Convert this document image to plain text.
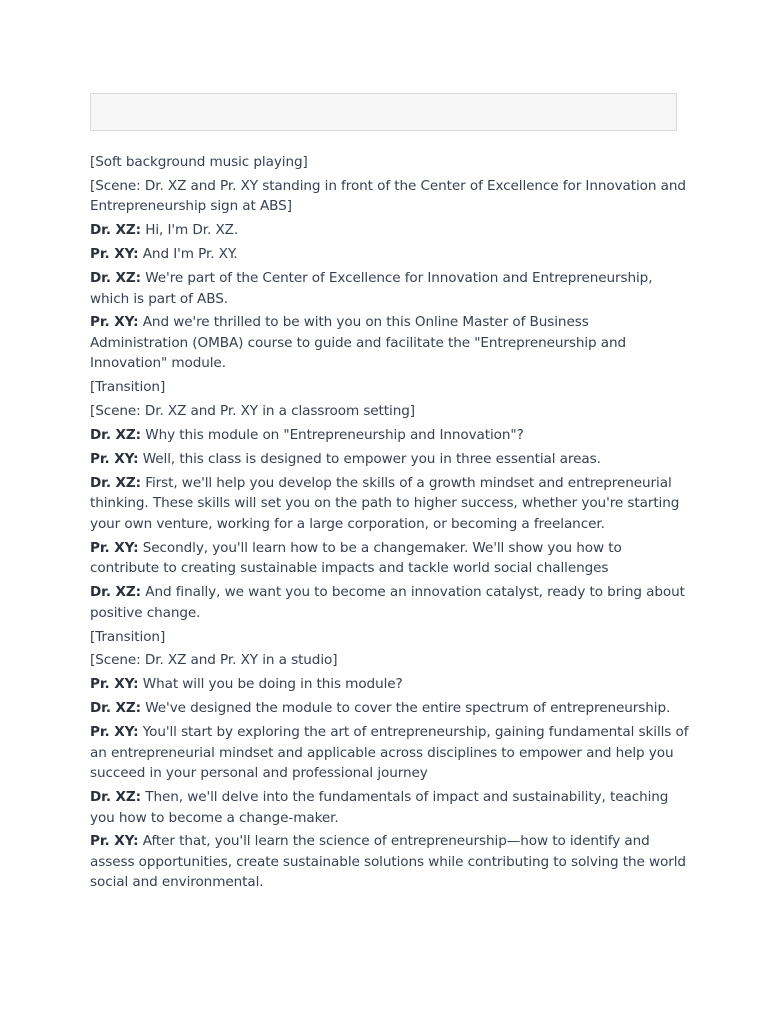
[Soft background music playing]

[Scene: Dr. XZ and Pr. XY standing in front of the Center of Excellence for Innovation and Entrepreneurship sign at ABS]

Dr. XZ: Hi, I'm Dr. XZ.

Pr. XY: And I'm Pr. XY.

Dr. XZ: We're part of the Center of Excellence for Innovation and Entrepreneurship, which is part of ABS.

Pr. XY: And we're thrilled to be with you on this Online Master of Business Administration (OMBA) course to guide and facilitate the "Entrepreneurship and Innovation" module.

[Transition]

[Scene: Dr. XZ and Pr. XY in a classroom setting]

Dr. XZ: Why this module on "Entrepreneurship and Innovation"?

Pr. XY: Well, this class is designed to empower you in three essential areas.

Dr. XZ: First, we'll help you develop the skills of a growth mindset and entrepreneurial thinking. These skills will set you on the path to higher success, whether you're starting your own venture, working for a large corporation, or becoming a freelancer.

Pr. XY: Secondly, you'll learn how to be a changemaker. We'll show you how to contribute to creating sustainable impacts and tackle world social challenges

Dr. XZ: And finally, we want you to become an innovation catalyst, ready to bring about positive change.

[Transition]

[Scene: Dr. XZ and Pr. XY in a studio]

Pr. XY: What will you be doing in this module?

Dr. XZ: We've designed the module to cover the entire spectrum of entrepreneurship.

Pr. XY: You'll start by exploring the art of entrepreneurship, gaining fundamental skills of an entrepreneurial mindset and applicable across disciplines to empower and help you succeed in your personal and professional journey

Dr. XZ: Then, we'll delve into the fundamentals of impact and sustainability, teaching you how to become a change-maker.

Pr. XY: After that, you'll learn the science of entrepreneurship—how to identify and assess opportunities, create sustainable solutions while contributing to solving the world social and environmental.
